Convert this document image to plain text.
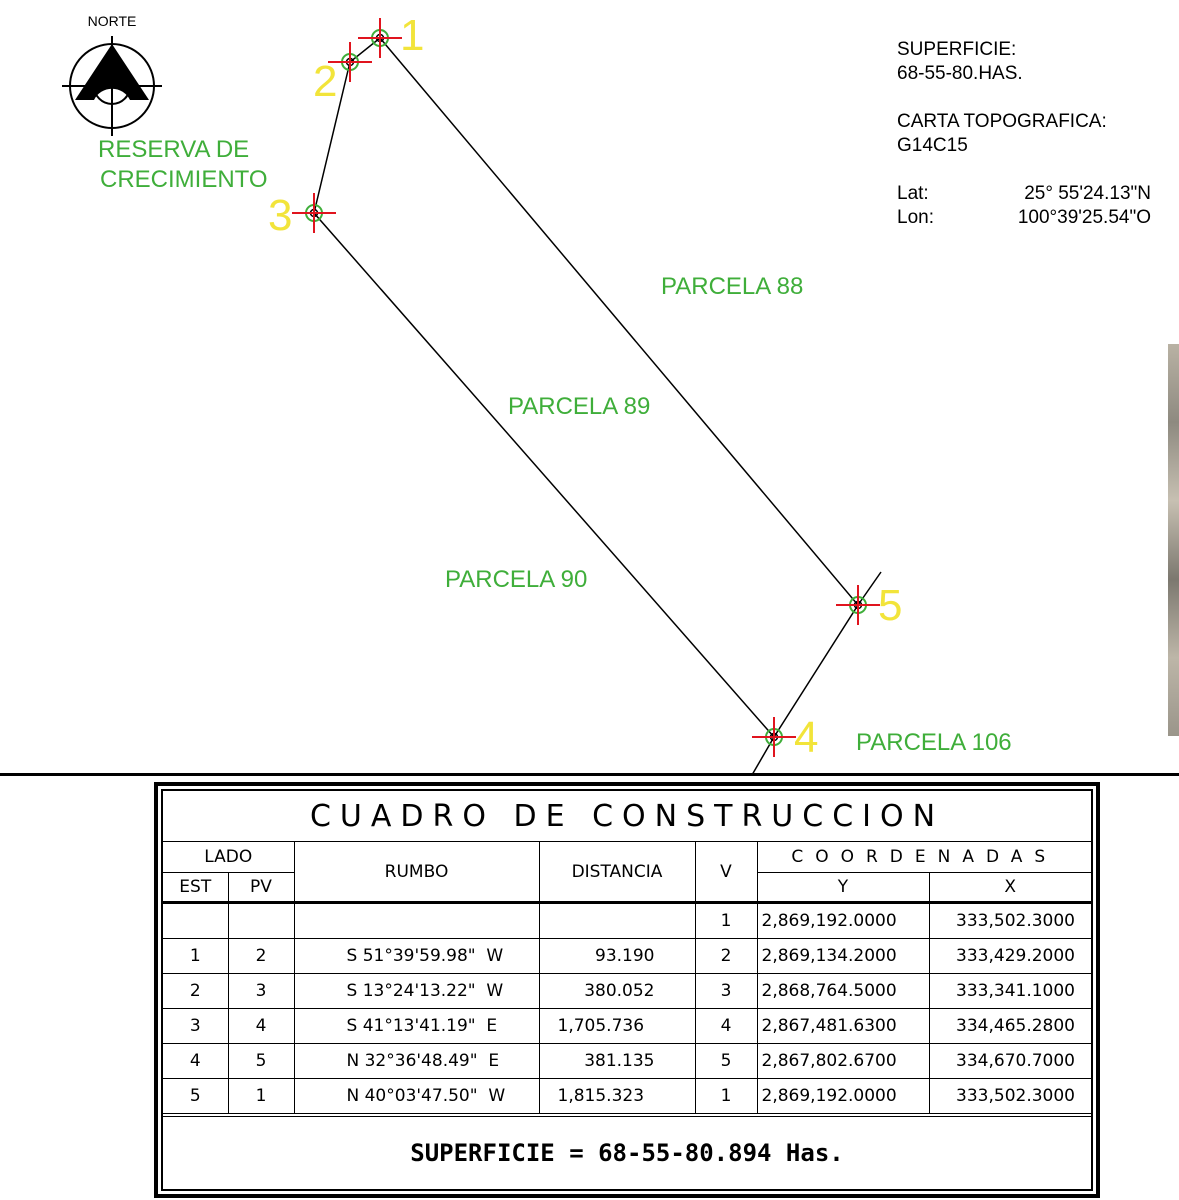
NORTE	1
2
3
4
5
RESERVA DE
CRECIMIENTO
PARCELA 88
PARCELA 89
PARCELA 90
PARCELA 106
SUPERFICIE:
68-55-80.HAS.
CARTA TOPOGRAFICA:
G14C15
Lat:	25° 55'24.13"N
Lon:	100°39'25.54"O
CUADRO DE CONSTRUCCION						
LADO		RUMBO	DISTANCIA	V	COORDENADAS	
EST	PV				Y	X
				1	2,869,192.0000	333,502.3000
1	2	S 51°39'59.98"  W	93.190	2	2,869,134.2000	333,429.2000
2	3	S 13°24'13.22"  W	380.052	3	2,868,764.5000	333,341.1000
3	4	S 41°13'41.19"  E	1,705.736	4	2,867,481.6300	334,465.2800
4	5	N 32°36'48.49"  E	381.135	5	2,867,802.6700	334,670.7000
5	1	N 40°03'47.50"  W	1,815.323	1	2,869,192.0000	333,502.3000
SUPERFICIE = 68-55-80.894 Has.
